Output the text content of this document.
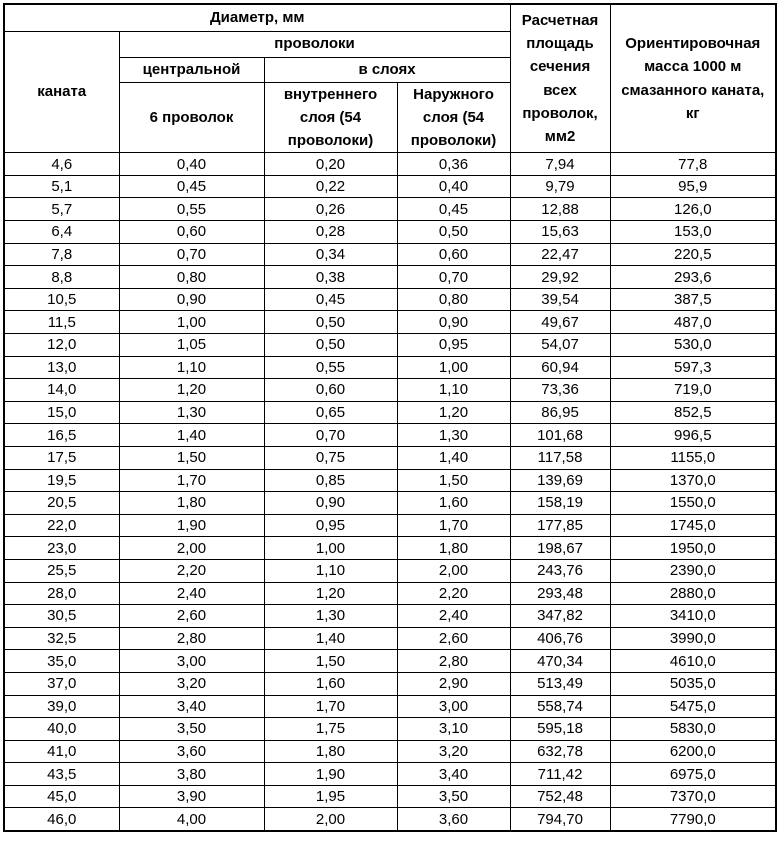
Диаметр, мм				Расчетная площадь сечения всех проволок, мм2	Ориентировочная масса 1000 м смазанного каната, кг
каната	проволоки				
	центральной	в слоях			
	6 проволок	внутреннего слоя (54 проволоки)	Наружного слоя (54 проволоки)		
4,6	0,40	0,20	0,36	7,94	77,8
5,1	0,45	0,22	0,40	9,79	95,9
5,7	0,55	0,26	0,45	12,88	126,0
6,4	0,60	0,28	0,50	15,63	153,0
7,8	0,70	0,34	0,60	22,47	220,5
8,8	0,80	0,38	0,70	29,92	293,6
10,5	0,90	0,45	0,80	39,54	387,5
11,5	1,00	0,50	0,90	49,67	487,0
12,0	1,05	0,50	0,95	54,07	530,0
13,0	1,10	0,55	1,00	60,94	597,3
14,0	1,20	0,60	1,10	73,36	719,0
15,0	1,30	0,65	1,20	86,95	852,5
16,5	1,40	0,70	1,30	101,68	996,5
17,5	1,50	0,75	1,40	117,58	1155,0
19,5	1,70	0,85	1,50	139,69	1370,0
20,5	1,80	0,90	1,60	158,19	1550,0
22,0	1,90	0,95	1,70	177,85	1745,0
23,0	2,00	1,00	1,80	198,67	1950,0
25,5	2,20	1,10	2,00	243,76	2390,0
28,0	2,40	1,20	2,20	293,48	2880,0
30,5	2,60	1,30	2,40	347,82	3410,0
32,5	2,80	1,40	2,60	406,76	3990,0
35,0	3,00	1,50	2,80	470,34	4610,0
37,0	3,20	1,60	2,90	513,49	5035,0
39,0	3,40	1,70	3,00	558,74	5475,0
40,0	3,50	1,75	3,10	595,18	5830,0
41,0	3,60	1,80	3,20	632,78	6200,0
43,5	3,80	1,90	3,40	711,42	6975,0
45,0	3,90	1,95	3,50	752,48	7370,0
46,0	4,00	2,00	3,60	794,70	7790,0
